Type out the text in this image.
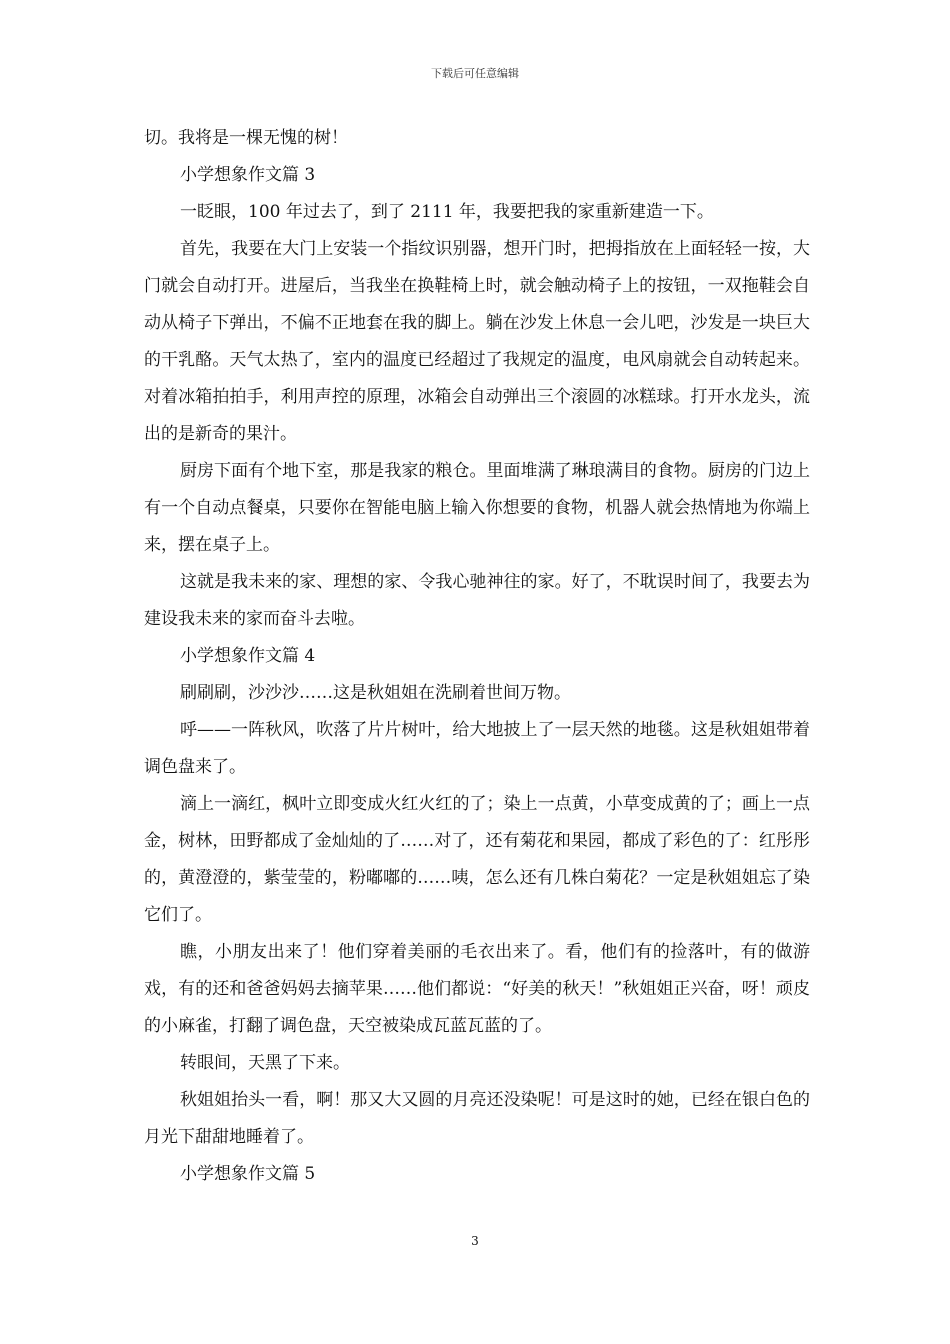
下载后可任意编辑

切。我将是一棵无愧的树！

小学想象作文篇 3

一眨眼，100 年过去了，到了 2111 年，我要把我的家重新建造一下。

首先，我要在大门上安装一个指纹识别器，想开门时，把拇指放在上面轻轻一按，大门就会自动打开。进屋后，当我坐在换鞋椅上时，就会触动椅子上的按钮，一双拖鞋会自动从椅子下弹出，不偏不正地套在我的脚上。躺在沙发上休息一会儿吧，沙发是一块巨大的干乳酪。天气太热了，室内的温度已经超过了我规定的温度，电风扇就会自动转起来。对着冰箱拍拍手，利用声控的原理，冰箱会自动弹出三个滚圆的冰糕球。打开水龙头，流出的是新奇的果汁。

厨房下面有个地下室，那是我家的粮仓。里面堆满了琳琅满目的食物。厨房的门边上有一个自动点餐桌，只要你在智能电脑上输入你想要的食物，机器人就会热情地为你端上来，摆在桌子上。

这就是我未来的家、理想的家、令我心驰神往的家。好了，不耽误时间了，我要去为建设我未来的家而奋斗去啦。

小学想象作文篇 4

刷刷刷，沙沙沙……这是秋姐姐在洗刷着世间万物。

呼——一阵秋风，吹落了片片树叶，给大地披上了一层天然的地毯。这是秋姐姐带着调色盘来了。

滴上一滴红，枫叶立即变成火红火红的了；染上一点黄，小草变成黄的了；画上一点金，树林，田野都成了金灿灿的了……对了，还有菊花和果园，都成了彩色的了：红彤彤的，黄澄澄的，紫莹莹的，粉嘟嘟的……咦，怎么还有几株白菊花？一定是秋姐姐忘了染它们了。

瞧，小朋友出来了！他们穿着美丽的毛衣出来了。看，他们有的捡落叶，有的做游戏，有的还和爸爸妈妈去摘苹果……他们都说：“好美的秋天！”秋姐姐正兴奋，呀！顽皮的小麻雀，打翻了调色盘，天空被染成瓦蓝瓦蓝的了。

转眼间，天黑了下来。

秋姐姐抬头一看，啊！那又大又圆的月亮还没染呢！可是这时的她，已经在银白色的月光下甜甜地睡着了。

小学想象作文篇 5

3
